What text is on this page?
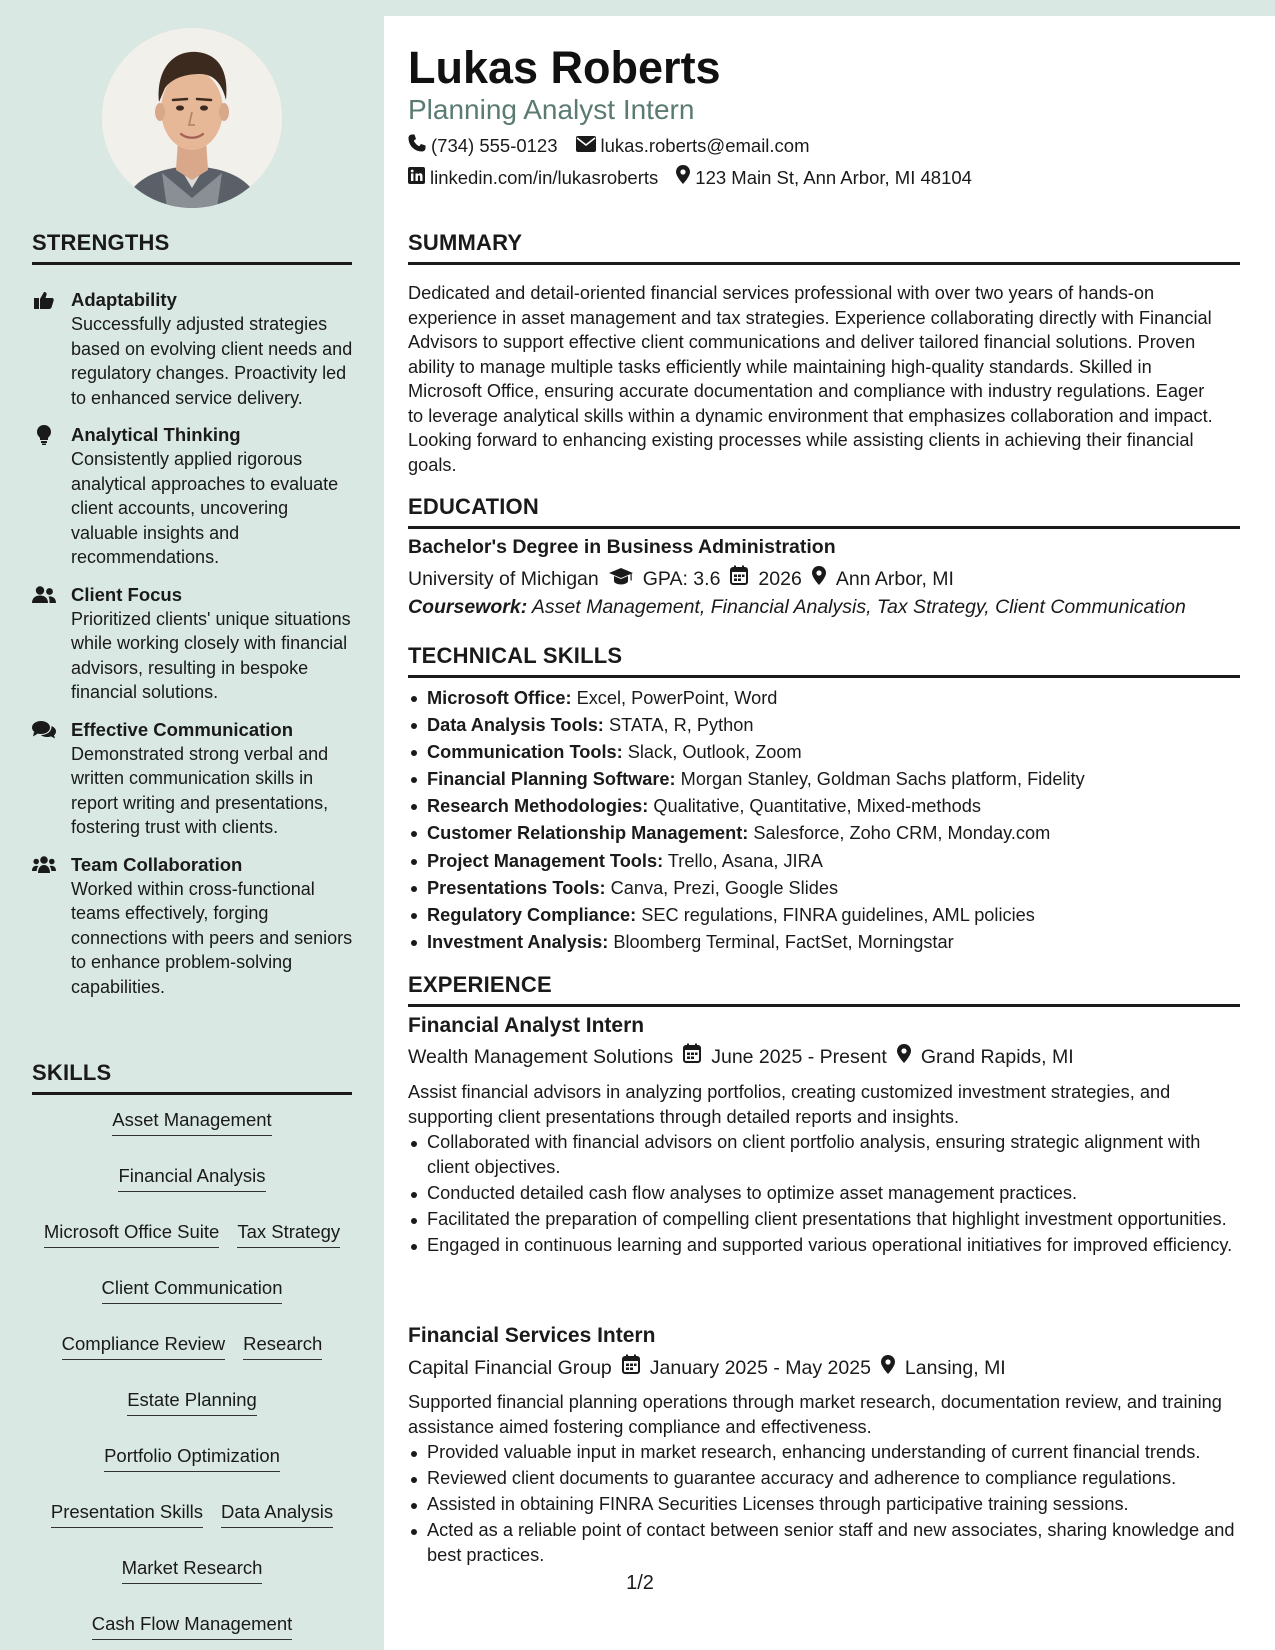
STRENGTHS
Adaptability
Successfully adjusted strategies based on evolving client needs and regulatory changes. Proactivity led to enhanced service delivery.
Analytical Thinking
Consistently applied rigorous analytical approaches to evaluate client accounts, uncovering valuable insights and recommendations.
Client Focus
Prioritized clients' unique situations while working closely with financial advisors, resulting in bespoke financial solutions.
Effective Communication
Demonstrated strong verbal and written communication skills in report writing and presentations, fostering trust with clients.
Team Collaboration
Worked within cross-functional teams effectively, forging connections with peers and seniors to enhance problem-solving capabilities.
SKILLS
Asset Management
Financial Analysis
Microsoft Office Suite Tax Strategy
Client Communication
Compliance Review Research
Estate Planning
Portfolio Optimization
Presentation Skills Data Analysis
Market Research
Cash Flow Management
Lukas Roberts
Planning Analyst Intern
(734) 555-0123 lukas.roberts@email.com
linkedin.com/in/lukasroberts 123 Main St, Ann Arbor, MI 48104
SUMMARY

Dedicated and detail-oriented financial services professional with over two years of hands-on experience in asset management and tax strategies. Experience collaborating directly with Financial Advisors to support effective client communications and deliver tailored financial solutions. Proven ability to manage multiple tasks efficiently while maintaining high-quality standards. Skilled in Microsoft Office, ensuring accurate documentation and compliance with industry regulations. Eager to leverage analytical skills within a dynamic environment that emphasizes collaboration and impact. Looking forward to enhancing existing processes while assisting clients in achieving their financial goals.

EDUCATION
Bachelor's Degree in Business Administration
University of Michigan GPA: 3.6 2026 Ann Arbor, MI
Coursework: Asset Management, Financial Analysis, Tax Strategy, Client Communication
TECHNICAL SKILLS
Microsoft Office: Excel, PowerPoint, Word
Data Analysis Tools: STATA, R, Python
Communication Tools: Slack, Outlook, Zoom
Financial Planning Software: Morgan Stanley, Goldman Sachs platform, Fidelity
Research Methodologies: Qualitative, Quantitative, Mixed-methods
Customer Relationship Management: Salesforce, Zoho CRM, Monday.com
Project Management Tools: Trello, Asana, JIRA
Presentations Tools: Canva, Prezi, Google Slides
Regulatory Compliance: SEC regulations, FINRA guidelines, AML policies
Investment Analysis: Bloomberg Terminal, FactSet, Morningstar
EXPERIENCE
Financial Analyst Intern
Wealth Management Solutions June 2025 - Present Grand Rapids, MI

Assist financial advisors in analyzing portfolios, creating customized investment strategies, and supporting client presentations through detailed reports and insights.

Collaborated with financial advisors on client portfolio analysis, ensuring strategic alignment with client objectives.
Conducted detailed cash flow analyses to optimize asset management practices.
Facilitated the preparation of compelling client presentations that highlight investment opportunities.
Engaged in continuous learning and supported various operational initiatives for improved efficiency.
Financial Services Intern
Capital Financial Group January 2025 - May 2025 Lansing, MI

Supported financial planning operations through market research, documentation review, and training assistance aimed fostering compliance and effectiveness.

Provided valuable input in market research, enhancing understanding of current financial trends.
Reviewed client documents to guarantee accuracy and adherence to compliance regulations.
Assisted in obtaining FINRA Securities Licenses through participative training sessions.
Acted as a reliable point of contact between senior staff and new associates, sharing knowledge and best practices.
1/2
